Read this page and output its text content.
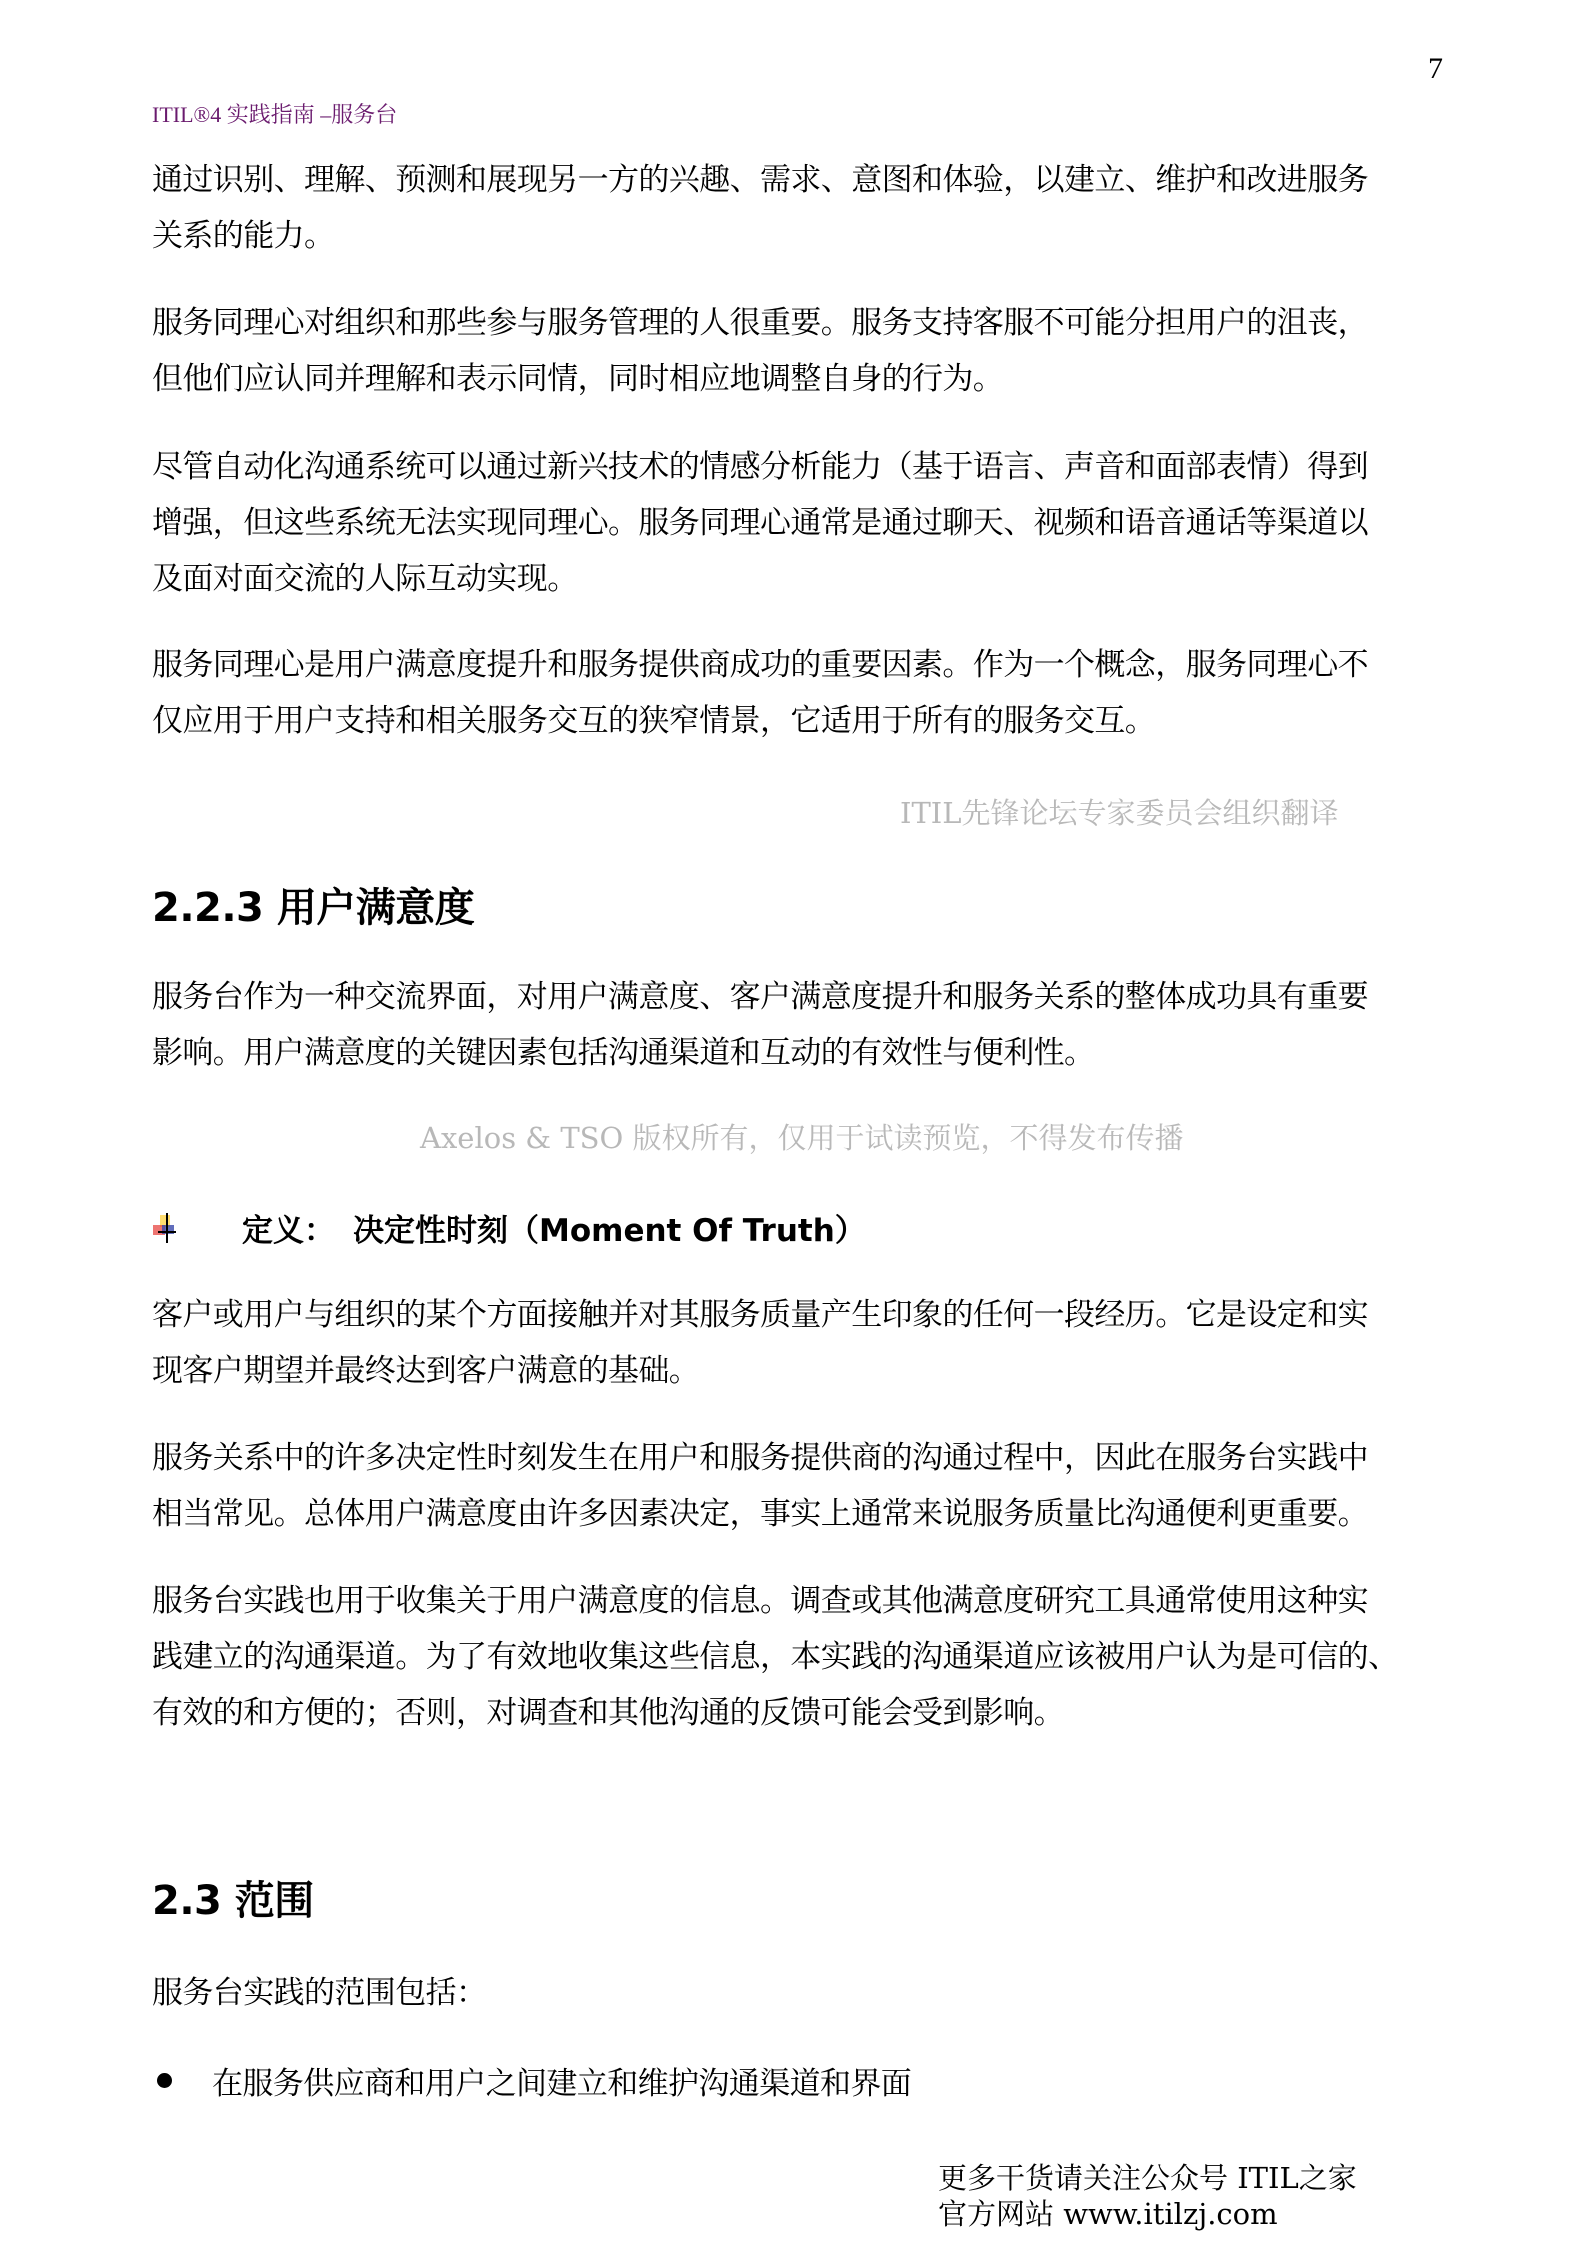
ITIL先锋论坛专家委员会组织翻译
Axelos & TSO 版权所有，仅用于试读预览，不得发布传播
7
ITIL®4 实践指南 –服务台
通过识别、理解、预测和展现另一方的兴趣、需求、意图和体验，以建立、维护和改进服务
关系的能力。
服务同理心对组织和那些参与服务管理的人很重要。服务支持客服不可能分担用户的沮丧，
但他们应认同并理解和表示同情，同时相应地调整自身的行为。
尽管自动化沟通系统可以通过新兴技术的情感分析能力（基于语言、声音和面部表情）得到
增强，但这些系统无法实现同理心。服务同理心通常是通过聊天、视频和语音通话等渠道以
及面对面交流的人际互动实现。
服务同理心是用户满意度提升和服务提供商成功的重要因素。作为一个概念，服务同理心不
仅应用于用户支持和相关服务交互的狭窄情景，它适用于所有的服务交互。
2.2.3 用户满意度
服务台作为一种交流界面，对用户满意度、客户满意度提升和服务关系的整体成功具有重要
影响。用户满意度的关键因素包括沟通渠道和互动的有效性与便利性。
定义： 决定性时刻（Moment Of Truth）
客户或用户与组织的某个方面接触并对其服务质量产生印象的任何一段经历。它是设定和实
现客户期望并最终达到客户满意的基础。
服务关系中的许多决定性时刻发生在用户和服务提供商的沟通过程中，因此在服务台实践中
相当常见。总体用户满意度由许多因素决定，事实上通常来说服务质量比沟通便利更重要。
服务台实践也用于收集关于用户满意度的信息。调查或其他满意度研究工具通常使用这种实
践建立的沟通渠道。为了有效地收集这些信息，本实践的沟通渠道应该被用户认为是可信的、
有效的和方便的；否则，对调查和其他沟通的反馈可能会受到影响。
2.3 范围
服务台实践的范围包括：
在服务供应商和用户之间建立和维护沟通渠道和界面
更多干货请关注公众号 ITIL之家
官方网站 www.itilzj.com
